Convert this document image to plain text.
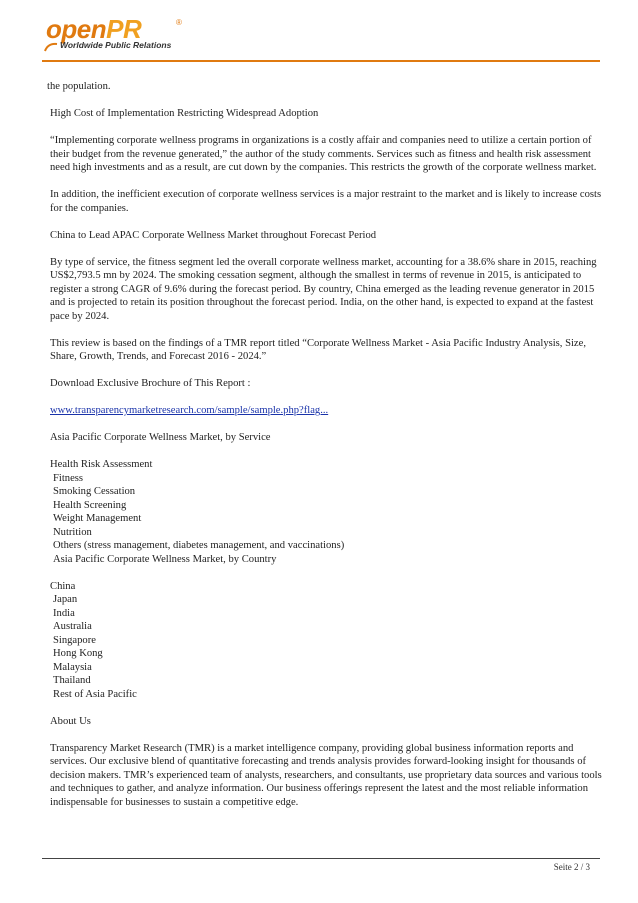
openPR	®
Worldwide Public Relations

the population.

High Cost of Implementation Restricting Widespread Adoption

“Implementing corporate wellness programs in organizations is a costly affair and companies need to utilize a certain portion of their budget from the revenue generated,” the author of the study comments. Services such as fitness and health risk assessment need high investments and as a result, are cut down by the companies. This restricts the growth of the corporate wellness market.

In addition, the inefficient execution of corporate wellness services is a major restraint to the market and is likely to increase costs for the companies.

China to Lead APAC Corporate Wellness Market throughout Forecast Period

By type of service, the fitness segment led the overall corporate wellness market, accounting for a 38.6% share in 2015, reaching US$2,793.5 mn by 2024. The smoking cessation segment, although the smallest in terms of revenue in 2015, is anticipated to register a strong CAGR of 9.6% during the forecast period. By country, China emerged as the leading revenue generator in 2015 and is projected to retain its position throughout the forecast period. India, on the other hand, is expected to expand at the fastest pace by 2024.

This review is based on the findings of a TMR report titled “Corporate Wellness Market - Asia Pacific Industry Analysis, Size, Share, Growth, Trends, and Forecast 2016 - 2024.”

Download Exclusive Brochure of This Report :

www.transparencymarketresearch.com/sample/sample.php?flag...

Asia Pacific Corporate Wellness Market, by Service

Health Risk Assessment
Fitness
Smoking Cessation
Health Screening
Weight Management
Nutrition
Others (stress management, diabetes management, and vaccinations)
Asia Pacific Corporate Wellness Market, by Country

China
Japan
India
Australia
Singapore
Hong Kong
Malaysia
Thailand
Rest of Asia Pacific

About Us

Transparency Market Research (TMR) is a market intelligence company, providing global business information reports and services. Our exclusive blend of quantitative forecasting and trends analysis provides forward-looking insight for thousands of decision makers. TMR’s experienced team of analysts, researchers, and consultants, use proprietary data sources and various tools and techniques to gather, and analyze information. Our business offerings represent the latest and the most reliable information indispensable for businesses to sustain a competitive edge.

Seite 2 / 3
